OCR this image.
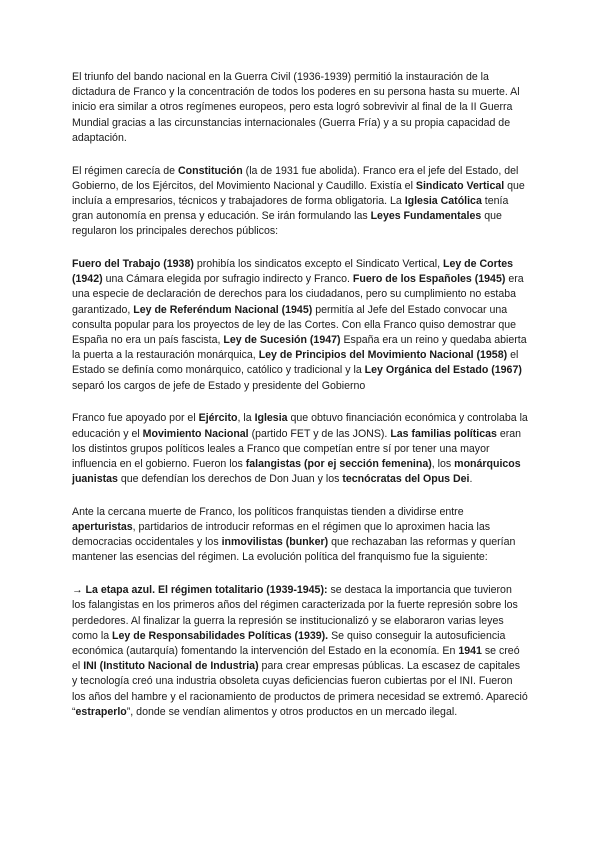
El triunfo del bando nacional en la Guerra Civil (1936-1939) permitió la instauración de la dictadura de Franco y la concentración de todos los poderes en su persona hasta su muerte. Al inicio era similar a otros regímenes europeos, pero esta logró sobrevivir al final de la II Guerra Mundial gracias a las circunstancias internacionales (Guerra Fría) y a su propia capacidad de adaptación.

El régimen carecía de Constitución (la de 1931 fue abolida). Franco era el jefe del Estado, del Gobierno, de los Ejércitos, del Movimiento Nacional y Caudillo. Existía el Sindicato Vertical que incluía a empresarios, técnicos y trabajadores de forma obligatoria. La Iglesia Católica tenía gran autonomía en prensa y educación. Se irán formulando las Leyes Fundamentales que regularon los principales derechos públicos:

Fuero del Trabajo (1938) prohibía los sindicatos excepto el Sindicato Vertical, Ley de Cortes (1942) una Cámara elegida por sufragio indirecto y Franco. Fuero de los Españoles (1945) era una especie de declaración de derechos para los ciudadanos, pero su cumplimiento no estaba garantizado, Ley de Referéndum Nacional (1945) permitía al Jefe del Estado convocar una consulta popular para los proyectos de ley de las Cortes. Con ella Franco quiso demostrar que España no era un país fascista, Ley de Sucesión (1947) España era un reino y quedaba abierta la puerta a la restauración monárquica, Ley de Principios del Movimiento Nacional (1958) el Estado se definía como monárquico, católico y tradicional y la Ley Orgánica del Estado (1967) separó los cargos de jefe de Estado y presidente del Gobierno

Franco fue apoyado por el Ejército, la Iglesia que obtuvo financiación económica y controlaba la educación y el Movimiento Nacional (partido FET y de las JONS). Las familias políticas eran los distintos grupos políticos leales a Franco que competían entre sí por tener una mayor influencia en el gobierno. Fueron los falangistas (por ej sección femenina), los monárquicos juanistas que defendían los derechos de Don Juan y los tecnócratas del Opus Dei.

Ante la cercana muerte de Franco, los políticos franquistas tienden a dividirse entre aperturistas, partidarios de introducir reformas en el régimen que lo aproximen hacia las democracias occidentales y los inmovilistas (bunker) que rechazaban las reformas y querían mantener las esencias del régimen. La evolución política del franquismo fue la siguiente:

→ La etapa azul. El régimen totalitario (1939-1945): se destaca la importancia que tuvieron los falangistas en los primeros años del régimen caracterizada por la fuerte represión sobre los perdedores. Al finalizar la guerra la represión se institucionalizó y se elaboraron varias leyes como la Ley de Responsabilidades Políticas (1939). Se quiso conseguir la autosuficiencia económica (autarquía) fomentando la intervención del Estado en la economía. En 1941 se creó el INI (Instituto Nacional de Industria) para crear empresas públicas. La escasez de capitales y tecnología creó una industria obsoleta cuyas deficiencias fueron cubiertas por el INI. Fueron los años del hambre y el racionamiento de productos de primera necesidad se extremó. Apareció “estraperlo”, donde se vendían alimentos y otros productos en un mercado ilegal.
